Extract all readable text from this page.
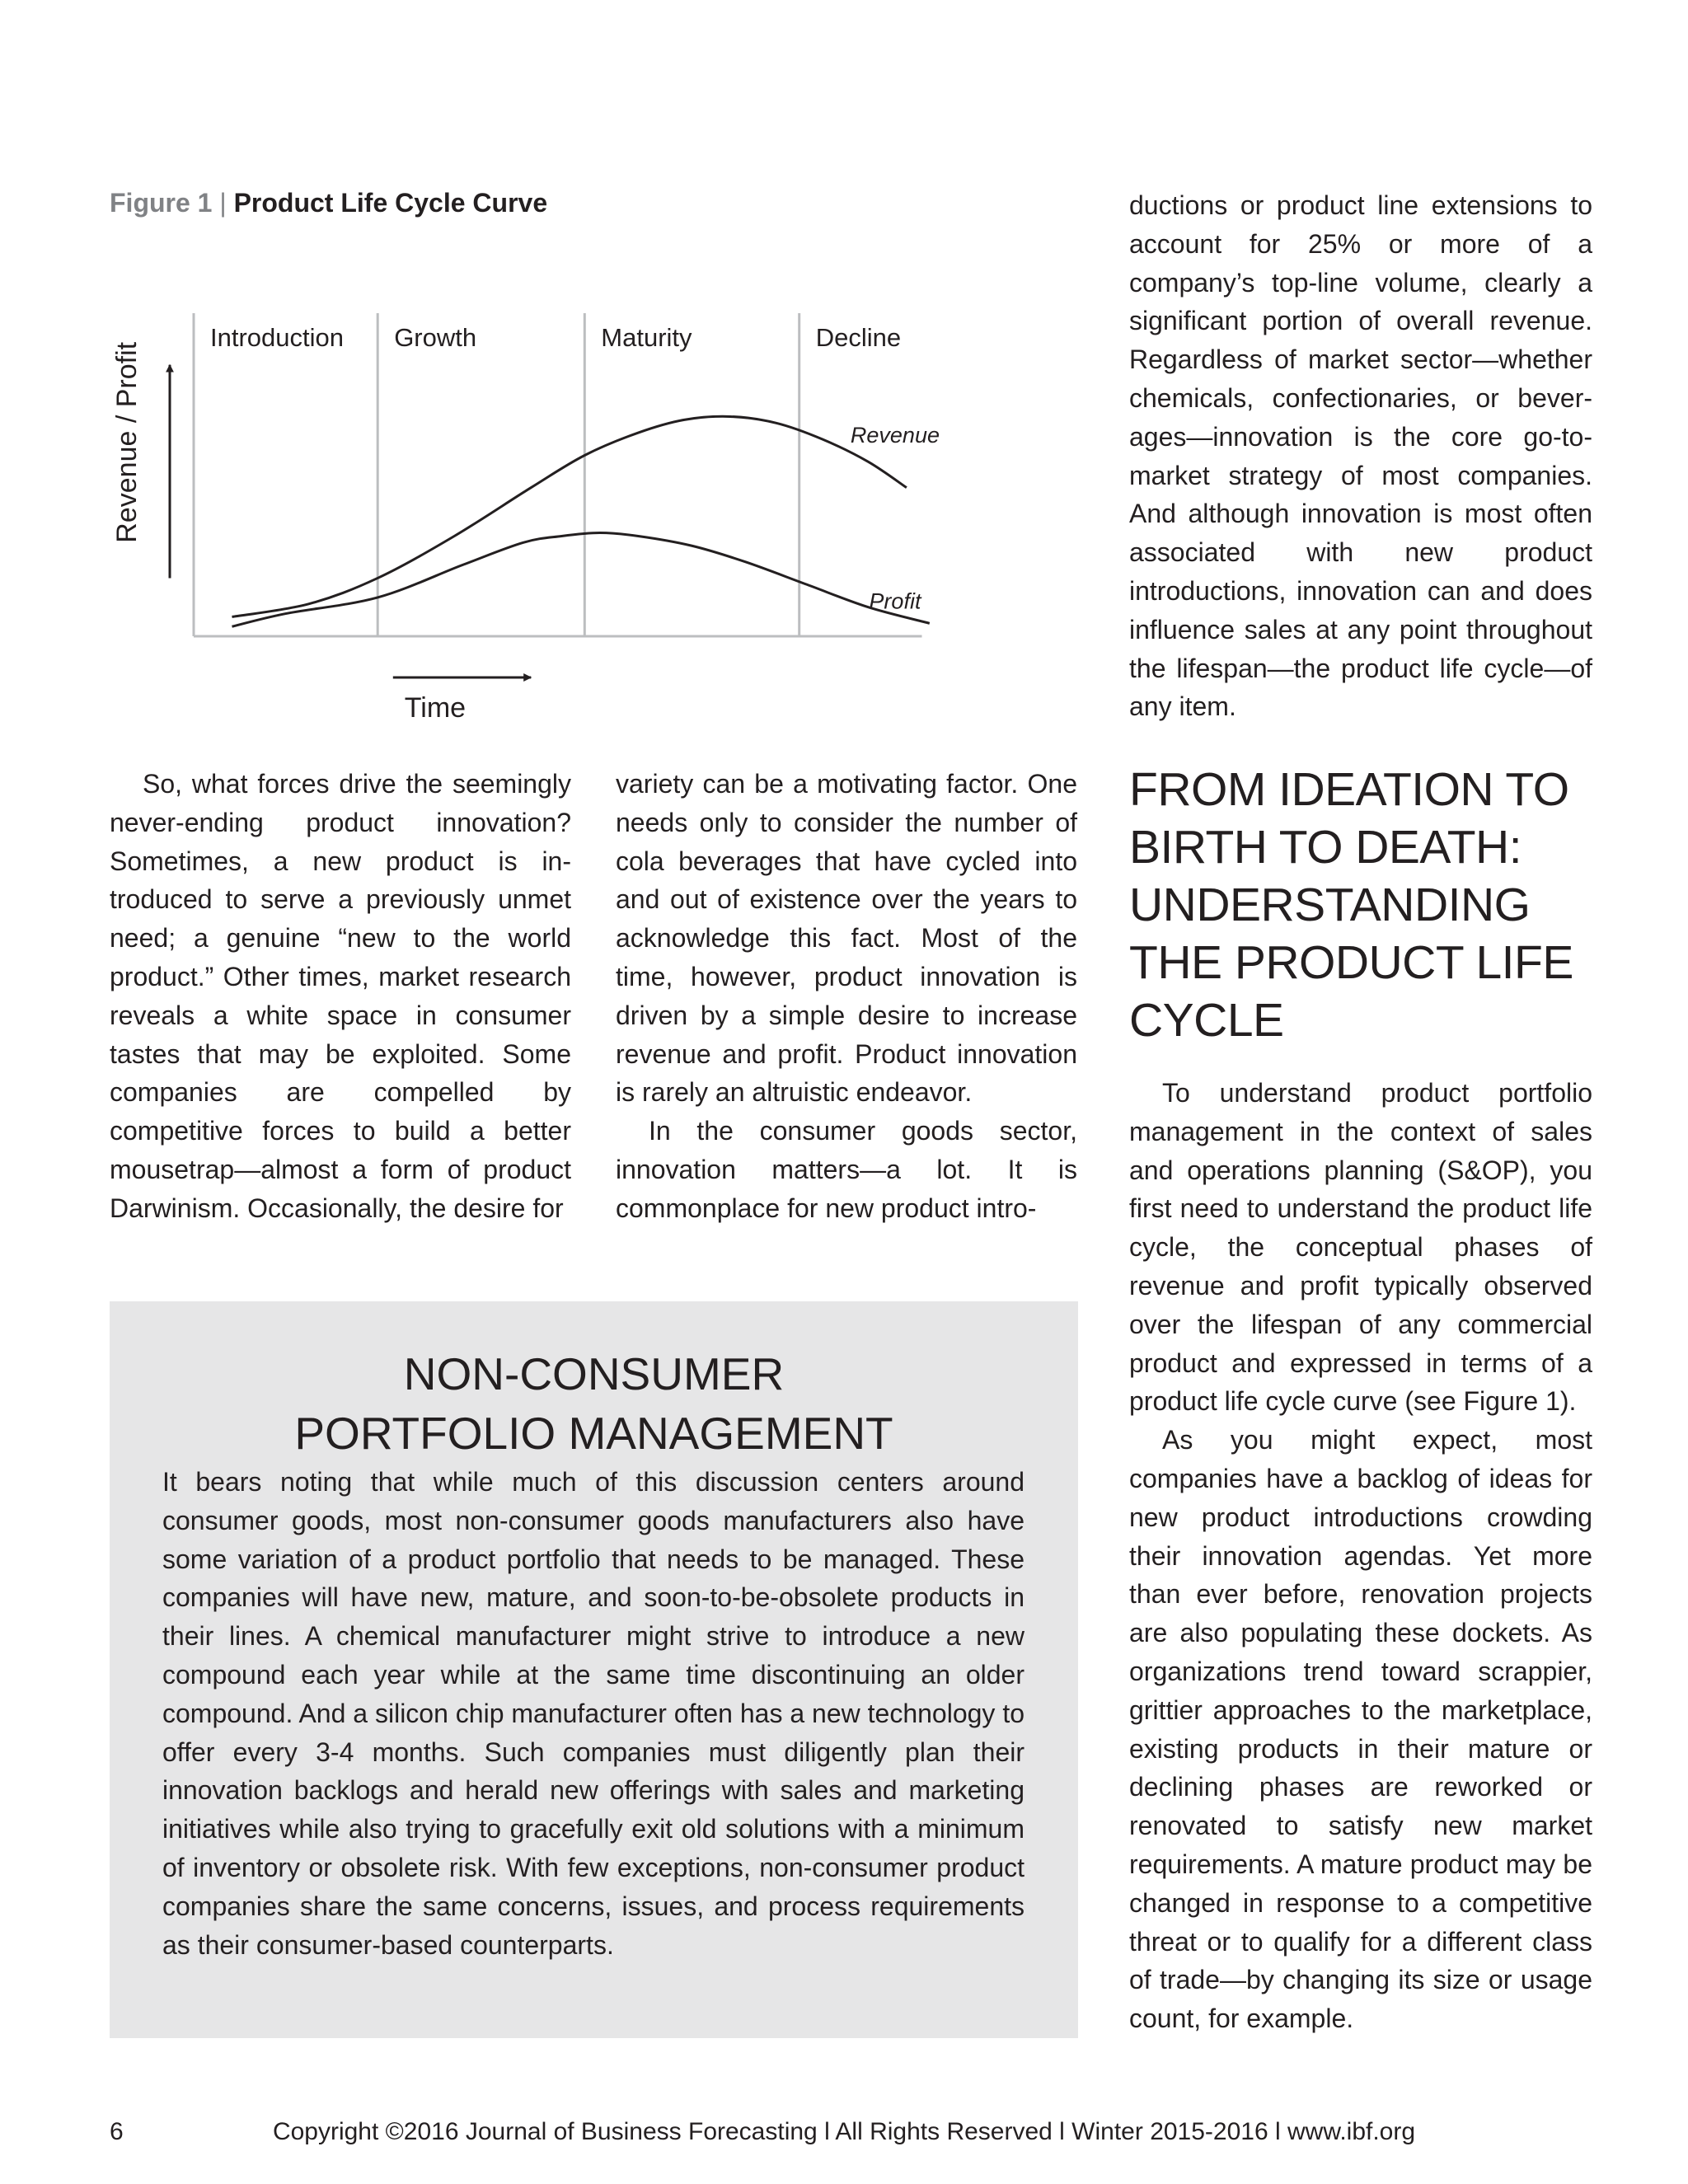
Figure 1 | Product Life Cycle Curve
Introduction Growth	Maturity	Decline
Revenue
Profit
Revenue / Profit
Time

So, what forces drive the seemingly never-ending product innovation? Sometimes, a new product is introduced to serve a previously unmet need; a genuine “new to the world product.” Other times, market research reveals a white space in consumer tastes that may be exploited. Some companies are compelled by competitive forces to build a better mousetrap—almost a form of product Darwinism. Occasionally, the desire for

variety can be a motivating factor. One needs only to consider the number of cola beverages that have cycled into and out of existence over the years to acknowledge this fact. Most of the time, however, product innovation is driven by a simple desire to increase revenue and profit. Product innovation is rarely an altruistic endeavor.

In the consumer goods sector, innovation matters—a lot. It is commonplace for new product intro-

ductions or product line extensions to account for 25% or more of a company’s top-line volume, clearly a significant portion of overall revenue. Regardless of market sector—whether chemicals, confectionaries, or beverages—innovation is the core go-to-market strategy of most companies. And although innovation is most often associated with new product introductions, innovation can and does influence sales at any point throughout the lifespan—the product life cycle—of any item.

FROM IDEATION TO BIRTH TO DEATH: UNDERSTANDING THE PRODUCT LIFE CYCLE

To understand product portfolio management in the context of sales and operations planning (S&OP), you first need to understand the product life cycle, the conceptual phases of revenue and profit typically observed over the lifespan of any commercial product and expressed in terms of a product life cycle curve (see Figure 1).

As you might expect, most companies have a backlog of ideas for new product introductions crowding their innovation agendas. Yet more than ever before, renovation projects are also populating these dockets. As organizations trend toward scrappier, grittier approaches to the marketplace, existing products in their mature or declining phases are reworked or renovated to satisfy new market requirements. A mature product may be changed in response to a competitive threat or to qualify for a different class of trade—by changing its size or usage count, for example.

NON-CONSUMER
PORTFOLIO MANAGEMENT

It bears noting that while much of this discussion centers around consumer goods, most non-consumer goods manufacturers also have some variation of a product portfolio that needs to be managed. These companies will have new, mature, and soon-to-be-obsolete products in their lines. A chemical manufacturer might strive to introduce a new compound each year while at the same time discontinuing an older compound. And a silicon chip manufacturer often has a new technology to offer every 3-4 months. Such companies must diligently plan their innovation backlogs and herald new offerings with sales and marketing initiatives while also trying to gracefully exit old solutions with a minimum of inventory or obsolete risk. With few exceptions, non-consumer product companies share the same concerns, issues, and process requirements as their consumer-based counterparts.

6	Copyright ©2016 Journal of Business Forecasting l All Rights Reserved l Winter 2015-2016 l www.ibf.org
